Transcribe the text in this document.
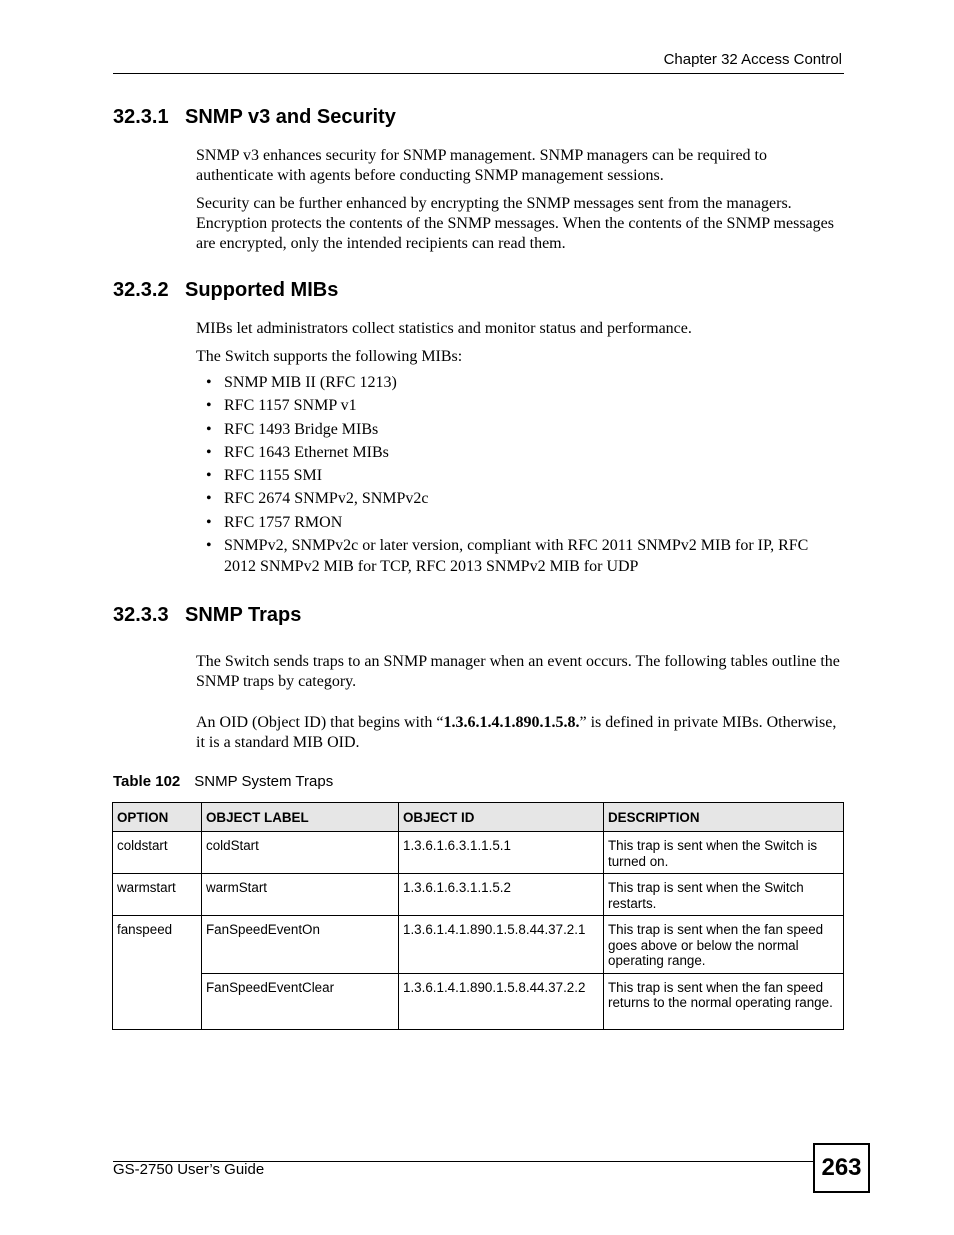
Chapter 32 Access Control
32.3.1 SNMP v3 and Security
SNMP v3 enhances security for SNMP management. SNMP managers can be required to authenticate with agents before conducting SNMP management sessions.
Security can be further enhanced by encrypting the SNMP messages sent from the managers. Encryption protects the contents of the SNMP messages. When the contents of the SNMP messages are encrypted, only the intended recipients can read them.
32.3.2 Supported MIBs
MIBs let administrators collect statistics and monitor status and performance.
The Switch supports the following MIBs:
• SNMP MIB II (RFC 1213)
• RFC 1157 SNMP v1
• RFC 1493 Bridge MIBs
• RFC 1643 Ethernet MIBs
• RFC 1155 SMI
• RFC 2674 SNMPv2, SNMPv2c
• RFC 1757 RMON
• SNMPv2, SNMPv2c or later version, compliant with RFC 2011 SNMPv2 MIB for IP, RFC 2012 SNMPv2 MIB for TCP, RFC 2013 SNMPv2 MIB for UDP
32.3.3 SNMP Traps
The Switch sends traps to an SNMP manager when an event occurs. The following tables outline the SNMP traps by category.
An OID (Object ID) that begins with “1.3.6.1.4.1.890.1.5.8.” is defined in private MIBs. Otherwise, it is a standard MIB OID.
Table 102 SNMP System Traps
OPTION	OBJECT LABEL	OBJECT ID	DESCRIPTION
coldstart	coldStart	1.3.6.1.6.3.1.1.5.1	This trap is sent when the Switch is turned on.
warmstart	warmStart	1.3.6.1.6.3.1.1.5.2	This trap is sent when the Switch restarts.
fanspeed	FanSpeedEventOn	1.3.6.1.4.1.890.1.5.8.44.37.2.1	This trap is sent when the fan speed goes above or below the normal operating range.
	FanSpeedEventClear	1.3.6.1.4.1.890.1.5.8.44.37.2.2	This trap is sent when the fan speed returns to the normal operating range.
GS-2750 User’s Guide	263
